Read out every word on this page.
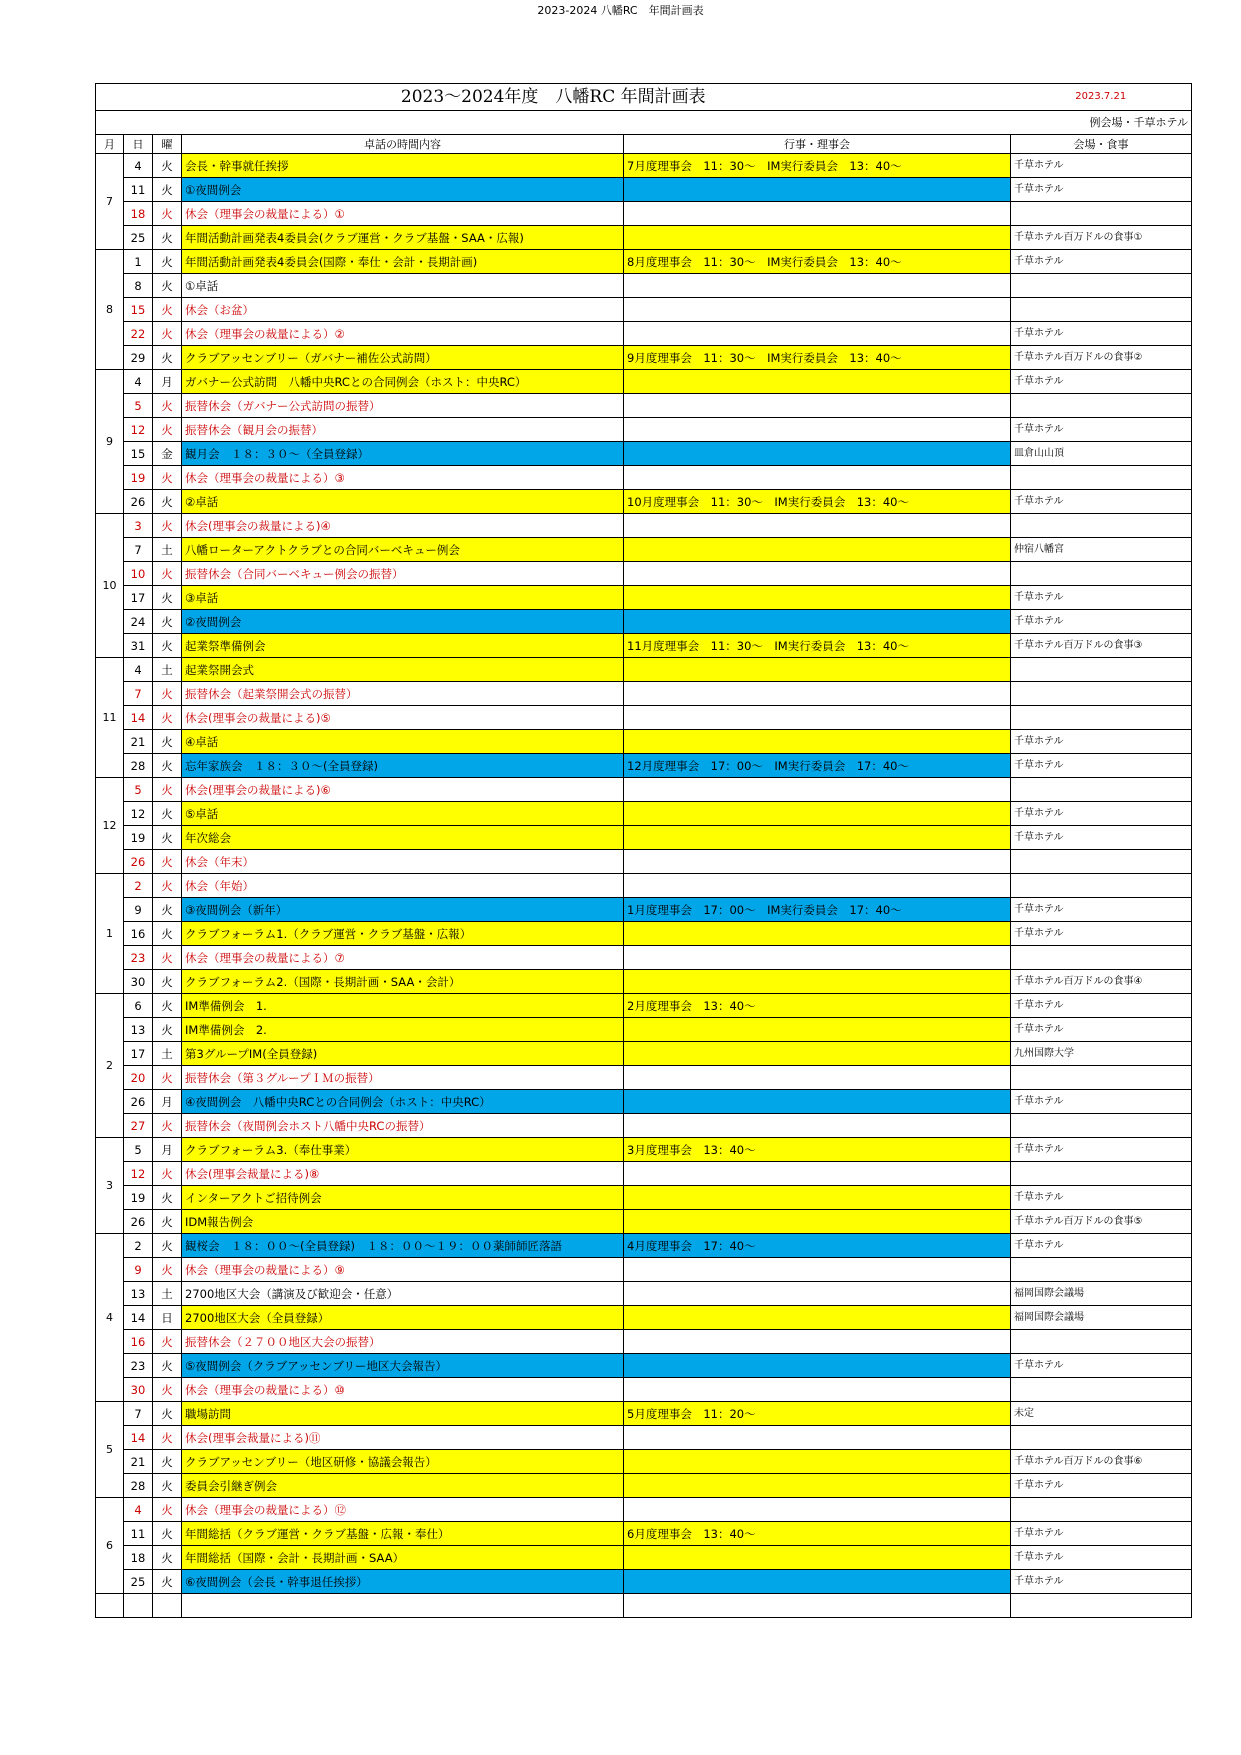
2023-2024 八幡RC　年間計画表
2023～2024年度　八幡RC 年間計画表					2023.7.21
例会場・千草ホテル					
月	日	曜	卓話の時間内容	行事・理事会	会場・食事
7	4	火	会長・幹事就任挨拶	7月度理事会　11：30～　IM実行委員会　13：40～	千草ホテル
	11	火	①夜間例会		千草ホテル
	18	火	休会（理事会の裁量による）①		
	25	火	年間活動計画発表4委員会(クラブ運営・クラブ基盤・SAA・広報)		千草ホテル百万ドルの食事①
8	1	火	年間活動計画発表4委員会(国際・奉仕・会計・長期計画)	8月度理事会　11：30～　IM実行委員会　13：40～	千草ホテル
	8	火	①卓話		
	15	火	休会（お盆）		
	22	火	休会（理事会の裁量による）②		千草ホテル
	29	火	クラブアッセンブリー（ガバナー補佐公式訪問）	9月度理事会　11：30～　IM実行委員会　13：40～	千草ホテル百万ドルの食事②
9	4	月	ガバナー公式訪問　八幡中央RCとの合同例会（ホスト：中央RC）		千草ホテル
	5	火	振替休会（ガバナー公式訪問の振替）		
	12	火	振替休会（観月会の振替）		千草ホテル
	15	金	観月会　１８：３０～（全員登録）		皿倉山山頂
	19	火	休会（理事会の裁量による）③		
	26	火	②卓話	10月度理事会　11：30～　IM実行委員会　13：40～	千草ホテル
10	3	火	休会(理事会の裁量による)④		
	7	土	八幡ローターアクトクラブとの合同バーベキュー例会		仲宿八幡宮
	10	火	振替休会（合同バーベキュー例会の振替）		
	17	火	③卓話		千草ホテル
	24	火	②夜間例会		千草ホテル
	31	火	起業祭準備例会	11月度理事会　11：30～　IM実行委員会　13：40～	千草ホテル百万ドルの食事③
11	4	土	起業祭開会式		
	7	火	振替休会（起業祭開会式の振替）		
	14	火	休会(理事会の裁量による)⑤		
	21	火	④卓話		千草ホテル
	28	火	忘年家族会　１８：３０～(全員登録)	12月度理事会　17：00～　IM実行委員会　17：40～	千草ホテル
12	5	火	休会(理事会の裁量による)⑥		
	12	火	⑤卓話		千草ホテル
	19	火	年次総会		千草ホテル
	26	火	休会（年末）		
1	2	火	休会（年始）		
	9	火	③夜間例会（新年）	1月度理事会　17：00～　IM実行委員会　17：40～	千草ホテル
	16	火	クラブフォーラム1.（クラブ運営・クラブ基盤・広報）		千草ホテル
	23	火	休会（理事会の裁量による）⑦		
	30	火	クラブフォーラム2.（国際・長期計画・SAA・会計）		千草ホテル百万ドルの食事④
2	6	火	IM準備例会　1.	2月度理事会　13：40～	千草ホテル
	13	火	IM準備例会　2.		千草ホテル
	17	土	第3グループIM(全員登録)		九州国際大学
	20	火	振替休会（第３グループＩＭの振替）		
	26	月	④夜間例会　八幡中央RCとの合同例会（ホスト：中央RC）		千草ホテル
	27	火	振替休会（夜間例会ホスト八幡中央RCの振替）		
3	5	月	クラブフォーラム3.（奉仕事業）	3月度理事会　13：40～	千草ホテル
	12	火	休会(理事会裁量による)⑧		
	19	火	インターアクトご招待例会		千草ホテル
	26	火	IDM報告例会		千草ホテル百万ドルの食事⑤
4	2	火	観桜会　１８：００～(全員登録)　１８：００～１９：００薬師師匠落語	4月度理事会　17：40～	千草ホテル
	9	火	休会（理事会の裁量による）⑨		
	13	土	2700地区大会（講演及び歓迎会・任意）		福岡国際会議場
	14	日	2700地区大会（全員登録）		福岡国際会議場
	16	火	振替休会（２７００地区大会の振替）		
	23	火	⑤夜間例会（クラブアッセンブリー地区大会報告）		千草ホテル
	30	火	休会（理事会の裁量による）⑩		
5	7	火	職場訪問	5月度理事会　11：20～	未定
	14	火	休会(理事会裁量による)⑪		
	21	火	クラブアッセンブリー（地区研修・協議会報告）		千草ホテル百万ドルの食事⑥
	28	火	委員会引継ぎ例会		千草ホテル
6	4	火	休会（理事会の裁量による）⑫		
	11	火	年間総括（クラブ運営・クラブ基盤・広報・奉仕）	6月度理事会　13：40～	千草ホテル
	18	火	年間総括（国際・会計・長期計画・SAA）		千草ホテル
	25	火	⑥夜間例会（会長・幹事退任挨拶）		千草ホテル
